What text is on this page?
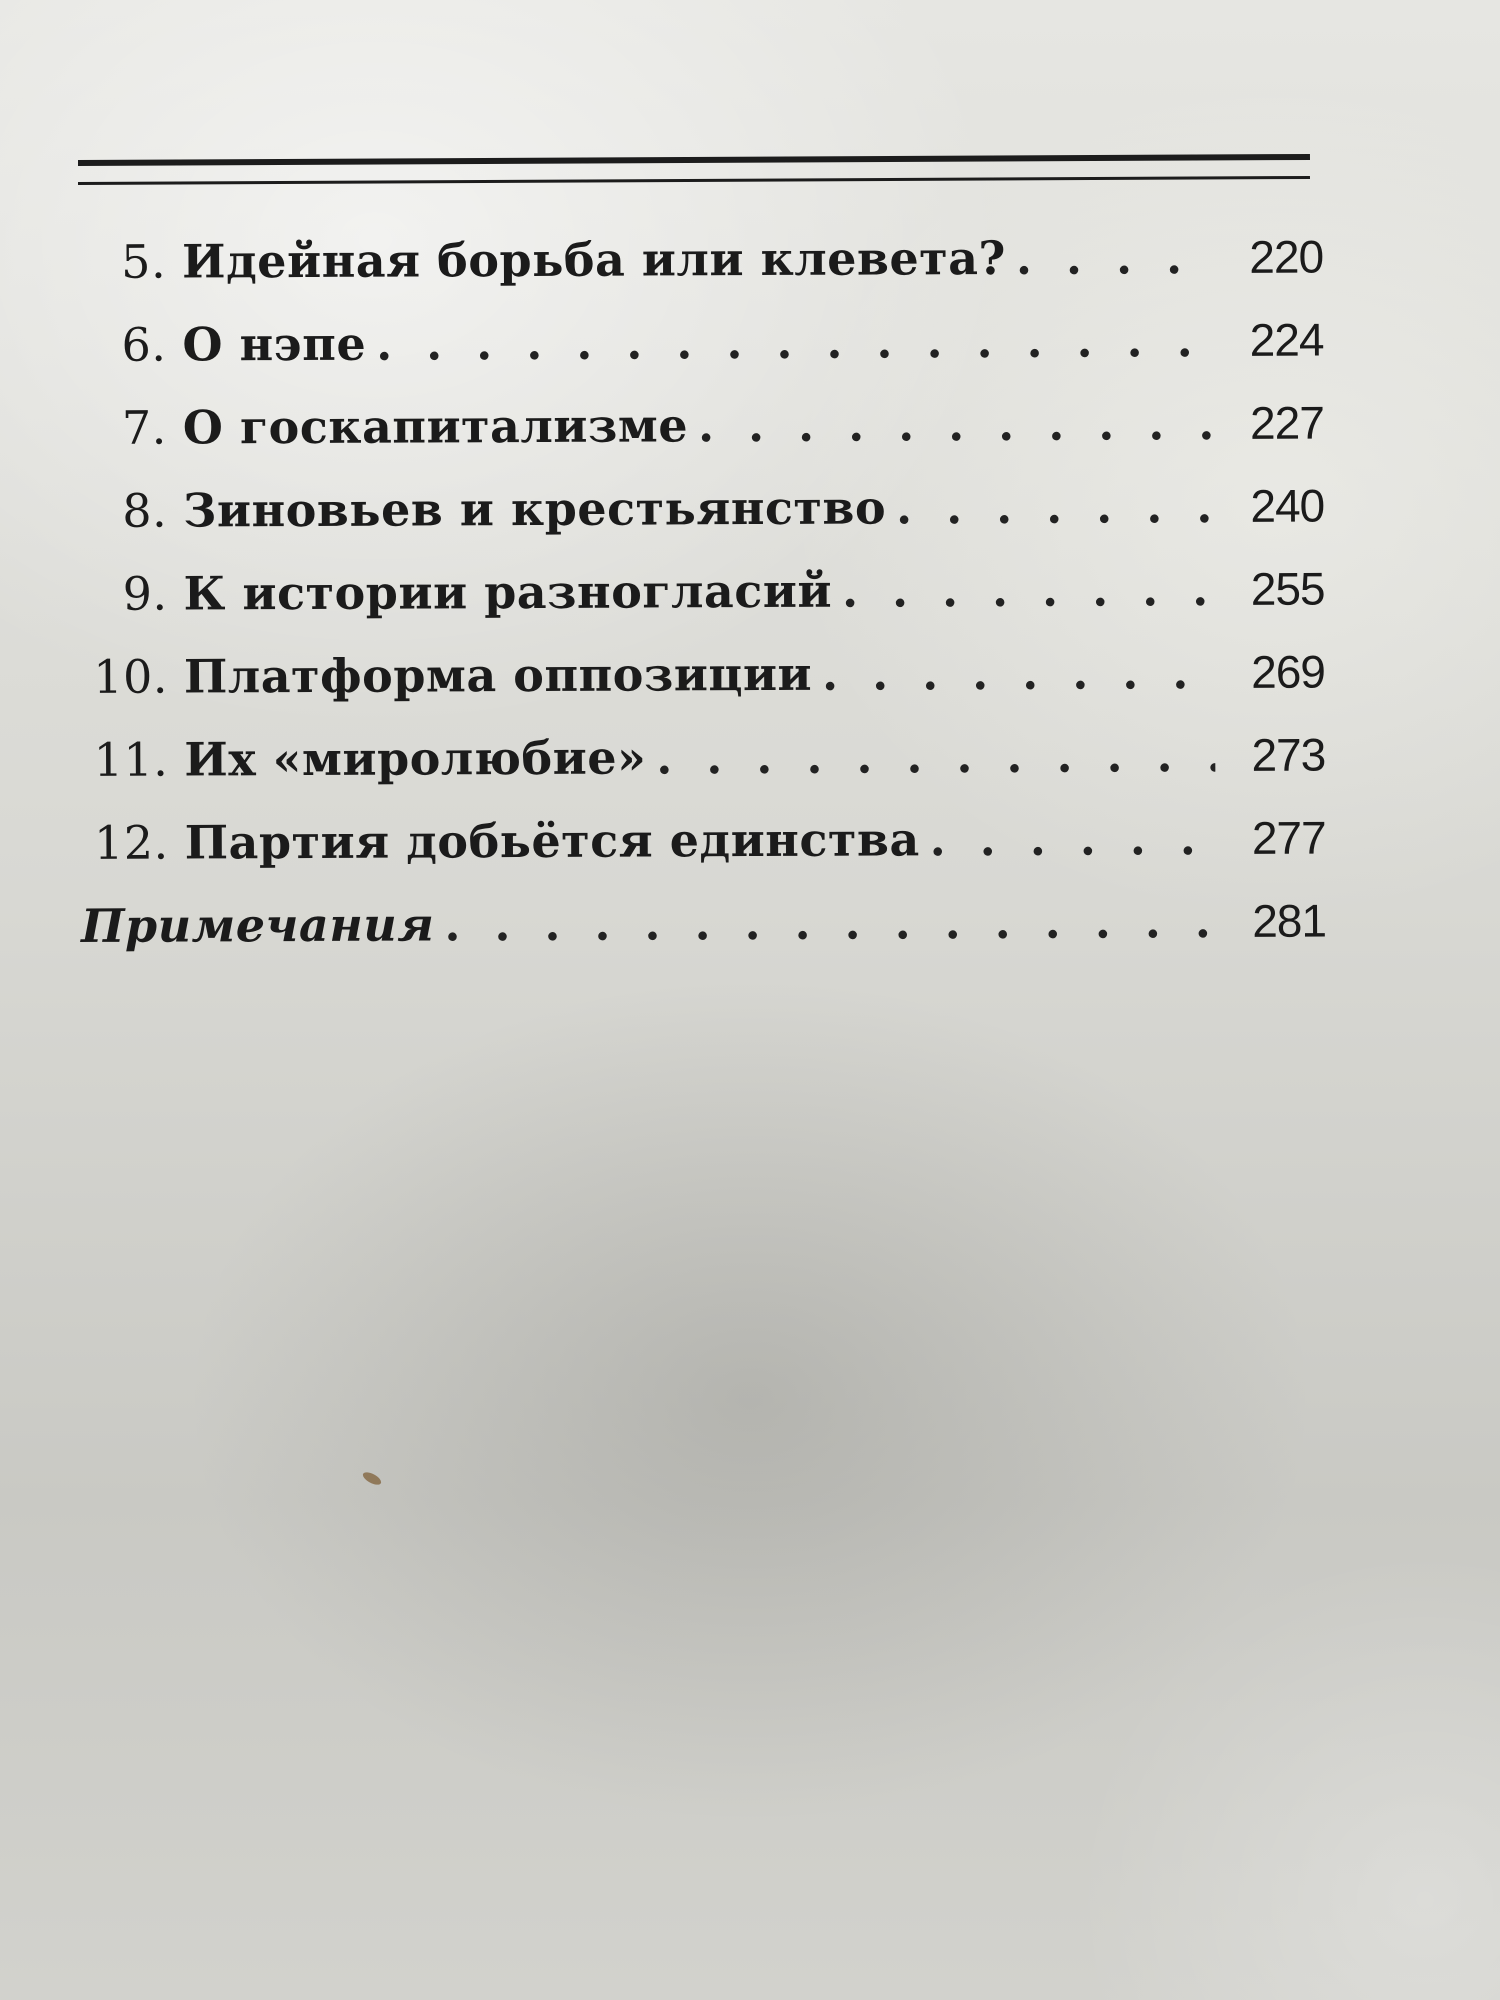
5. Идейная борьба или клевета? . . .	220
6. О нэпе . . .	224
7. О госкапитализме . . .	227
8. Зиновьев и крестьянство . . .	240
9. К истории разногласий . . .	255
10. Платформа оппозиции . . .	269
11. Их «миролюбие» . . .	273
12. Партия добьётся единства . . .	277
Примечания . . .	281
